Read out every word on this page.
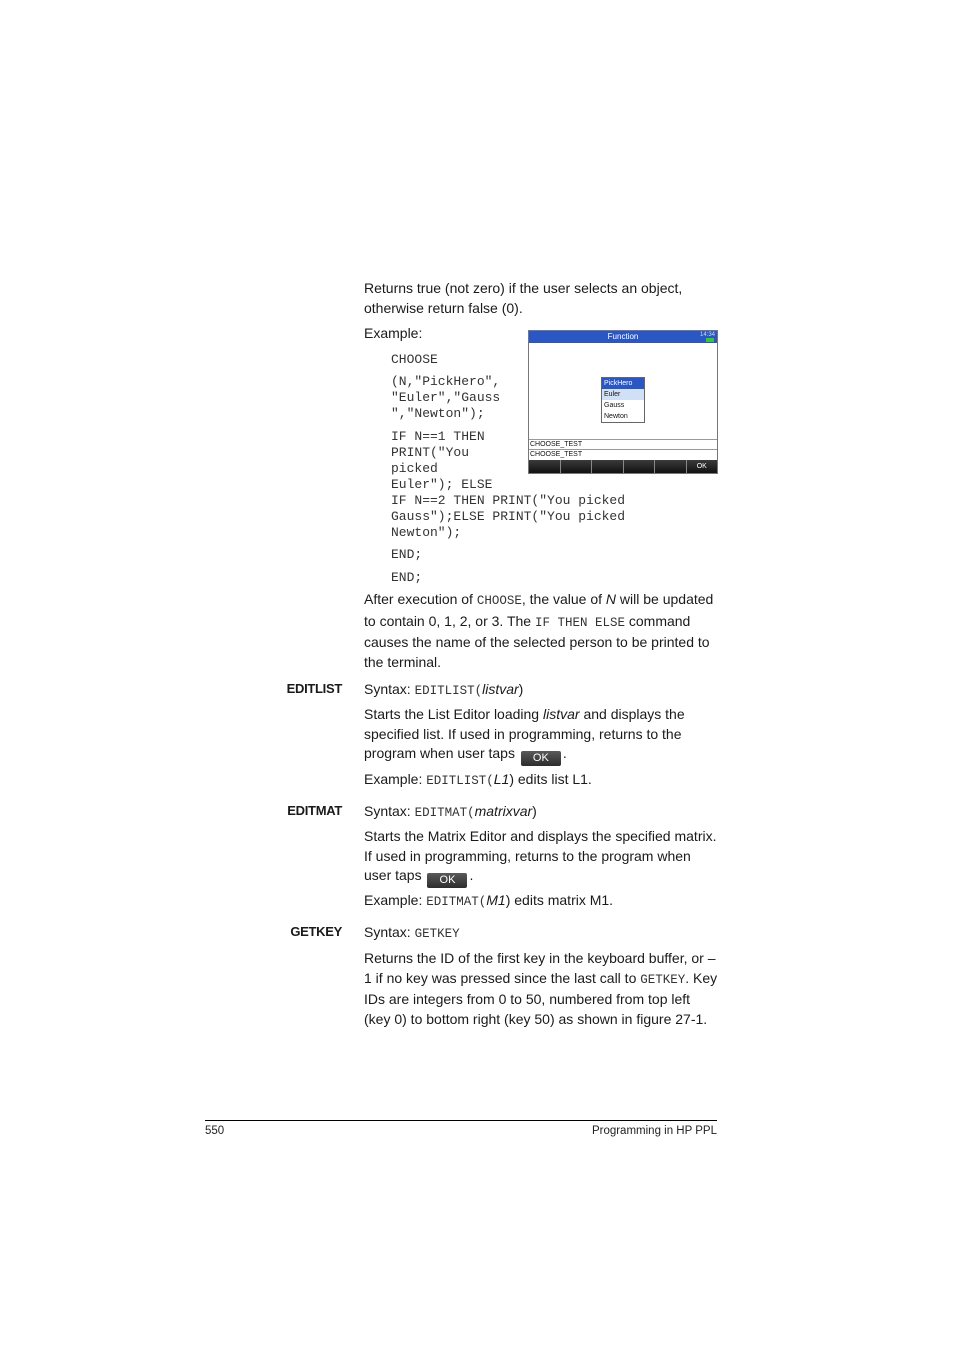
Returns true (not zero) if the user selects an object, otherwise return false (0).

Example:

CHOOSE
(N,"PickHero",
"Euler","Gauss
","Newton");
IF N==1 THEN
PRINT("You
picked
Euler"); ELSE
IF N==2 THEN PRINT("You picked
Gauss");ELSE PRINT("You picked
Newton");
END;
END;
Function	14:34
PickHero
Euler
Gauss
Newton
CHOOSE_TEST
CHOOSE_TEST
OK

After execution of CHOOSE, the value of N will be updated to contain 0, 1, 2, or 3. The IF THEN ELSE command causes the name of the selected person to be printed to the terminal.

EDITLIST Syntax: EDITLIST(listvar)

Starts the List Editor loading listvar and displays the specified list. If used in programming, returns to the program when user taps OK .

Example: EDITLIST(L1) edits list L1.

EDITMAT Syntax: EDITMAT(matrixvar)

Starts the Matrix Editor and displays the specified matrix. If used in programming, returns to the program when user taps OK .

Example: EDITMAT(M1) edits matrix M1.

GETKEY Syntax: GETKEY

Returns the ID of the first key in the keyboard buffer, or –1 if no key was pressed since the last call to GETKEY. Key IDs are integers from 0 to 50, numbered from top left (key 0) to bottom right (key 50) as shown in figure 27-1.

550	Programming in HP PPL
